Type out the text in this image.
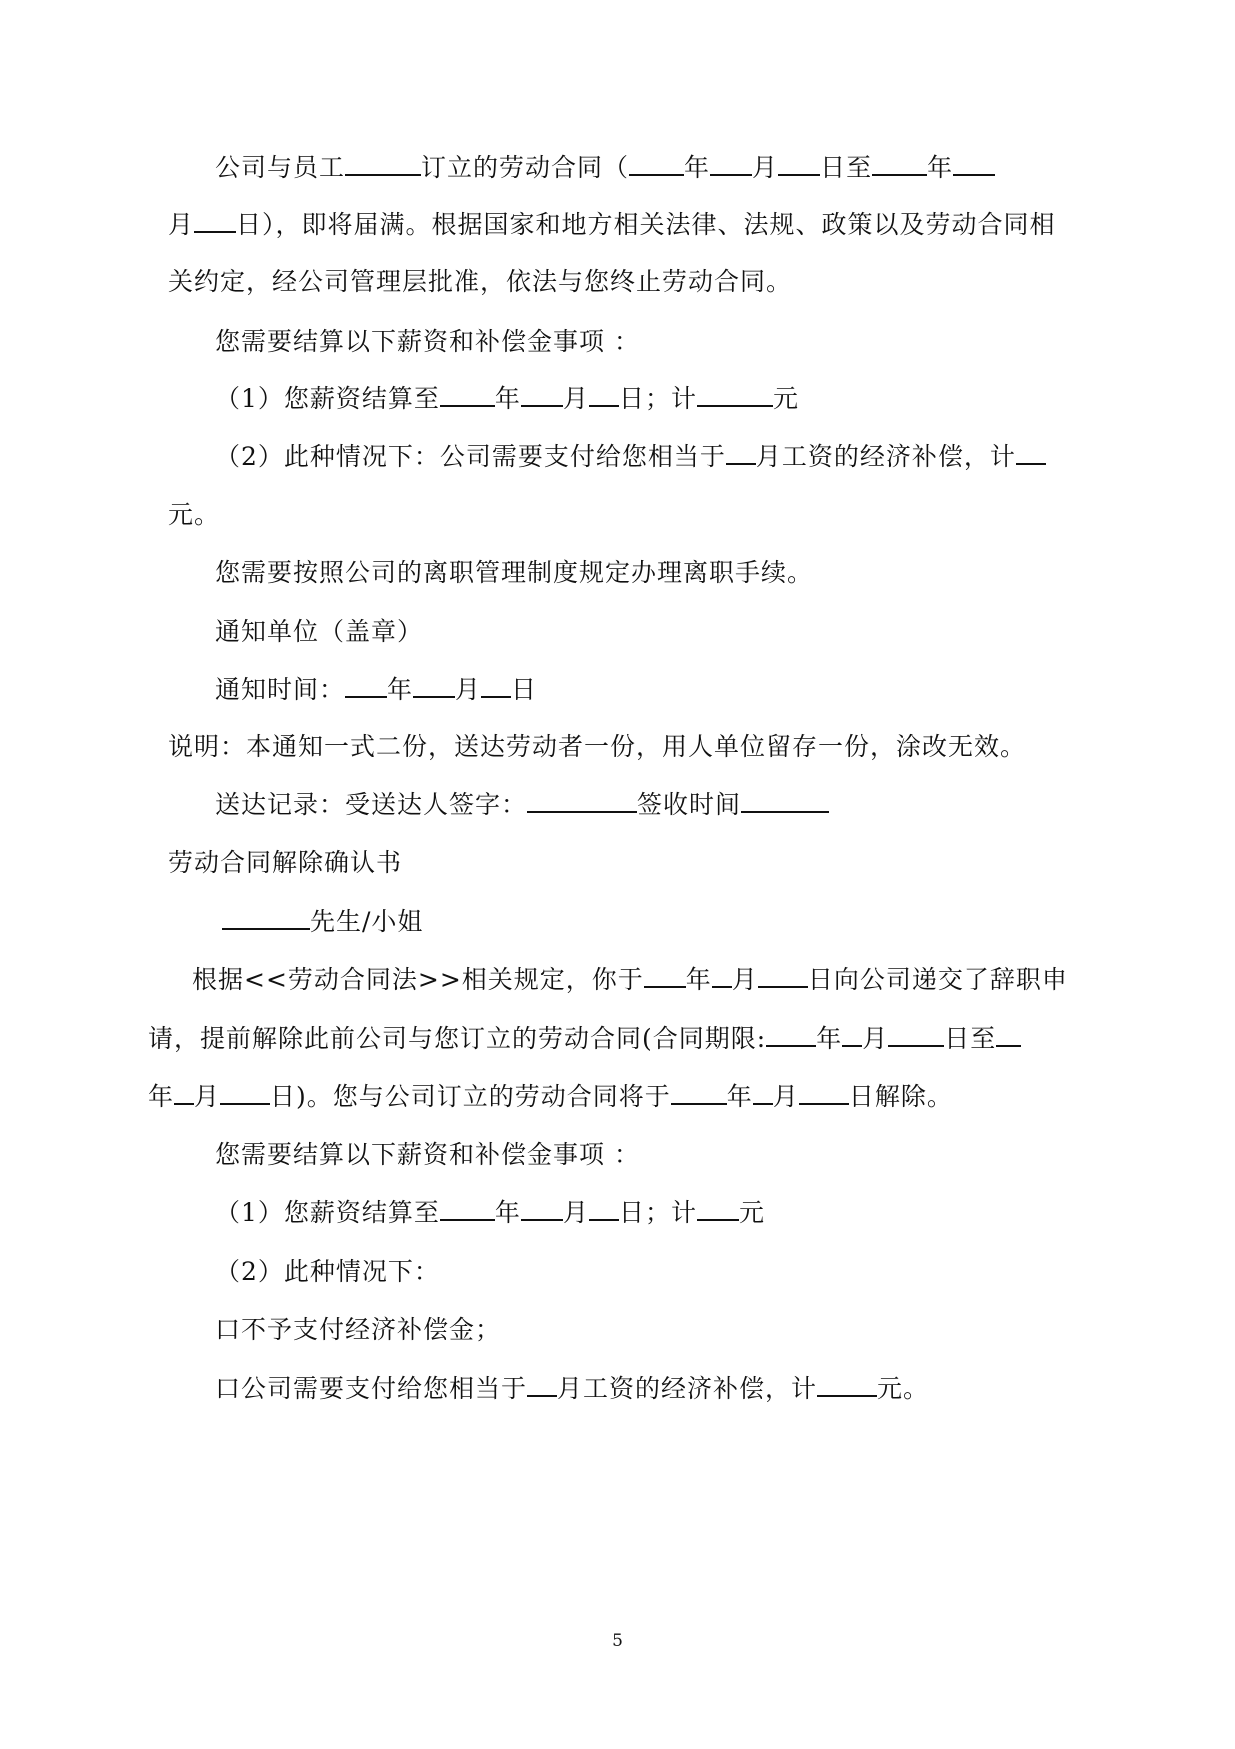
公司与员工	订立的劳动合同（ 年 月 日至 年
月 日），即将届满。根据国家和地方相关法律、法规、政策以及劳动合同相
关约定，经公司管理层批准，依法与您终止劳动合同。
您需要结算以下薪资和补偿金事项 ：
（1）您薪资结算至 年 月 日；计	元
（2）此种情况下：公司需要支付给您相当于 月工资的经济补偿，计
元。
您需要按照公司的离职管理制度规定办理离职手续。
通知单位（盖章）
通知时间： 年 月 日
说明：本通知一式二份，送达劳动者一份，用人单位留存一份，涂改无效。
送达记录：受送达人签字：	签收时间
劳动合同解除确认书
先生/小姐
根据<<劳动合同法>>相关规定，你于 年 月 日向公司递交了辞职申
请，提前解除此前公司与您订立的劳动合同(合同期限: 年 月 日至
年 月 日)。您与公司订立的劳动合同将于 年 月 日解除。
您需要结算以下薪资和补偿金事项 ：
（1）您薪资结算至 年 月 日；计 元
（2）此种情况下：
口不予支付经济补偿金；
口公司需要支付给您相当于 月工资的经济补偿，计 元。
5
